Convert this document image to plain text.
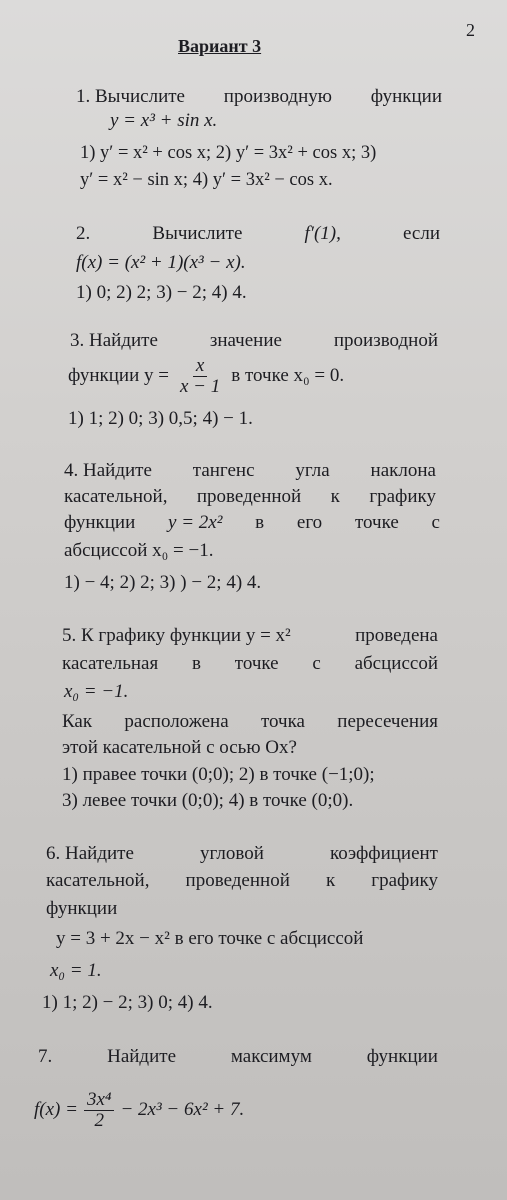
2
Вариант 3
1. Вычислите производную функции
y = x³ + sin x.
1) y′ = x² + cos x; 2) y′ = 3x² + cos x; 3)
y′ = x² − sin x; 4) y′ = 3x² − cos x.
2.	Вычислите	f′(1),	если
f(x) = (x² + 1)(x³ − x).
1) 0; 2) 2; 3) − 2; 4) 4.
3. Найдите	значение	производной
функции $y = \frac{x}{x - 1}$ в точке x₀ = 0.
1) 1; 2) 0; 3) 0,5; 4) − 1.
4. Найдите тангенс угла наклона
касательной, проведенной к графику
функции y = 2x² в его точке с
абсциссой x₀ = −1.
1) − 4; 2) 2; 3) ) − 2; 4) 4.
5. К графику функции y = x²	проведена
касательная в точке с абсциссой
x₀ = −1.
Как расположена точка пересечения
этой касательной с осью Ox?
1) правее точки (0;0); 2) в точке (−1;0);
3) левее точки (0;0); 4) в точке (0;0).
6. Найдите	угловой	коэффициент
касательной, проведенной к графику
функции
y = 3 + 2x − x² в его точке с абсциссой
x₀ = 1.
1) 1; 2) − 2; 3) 0; 4) 4.
7.	Найдите	максимум	функции
$f(x) = \frac{\text{3x⁴}}{2} - 2x^3 - 6x^2 + 7$.
